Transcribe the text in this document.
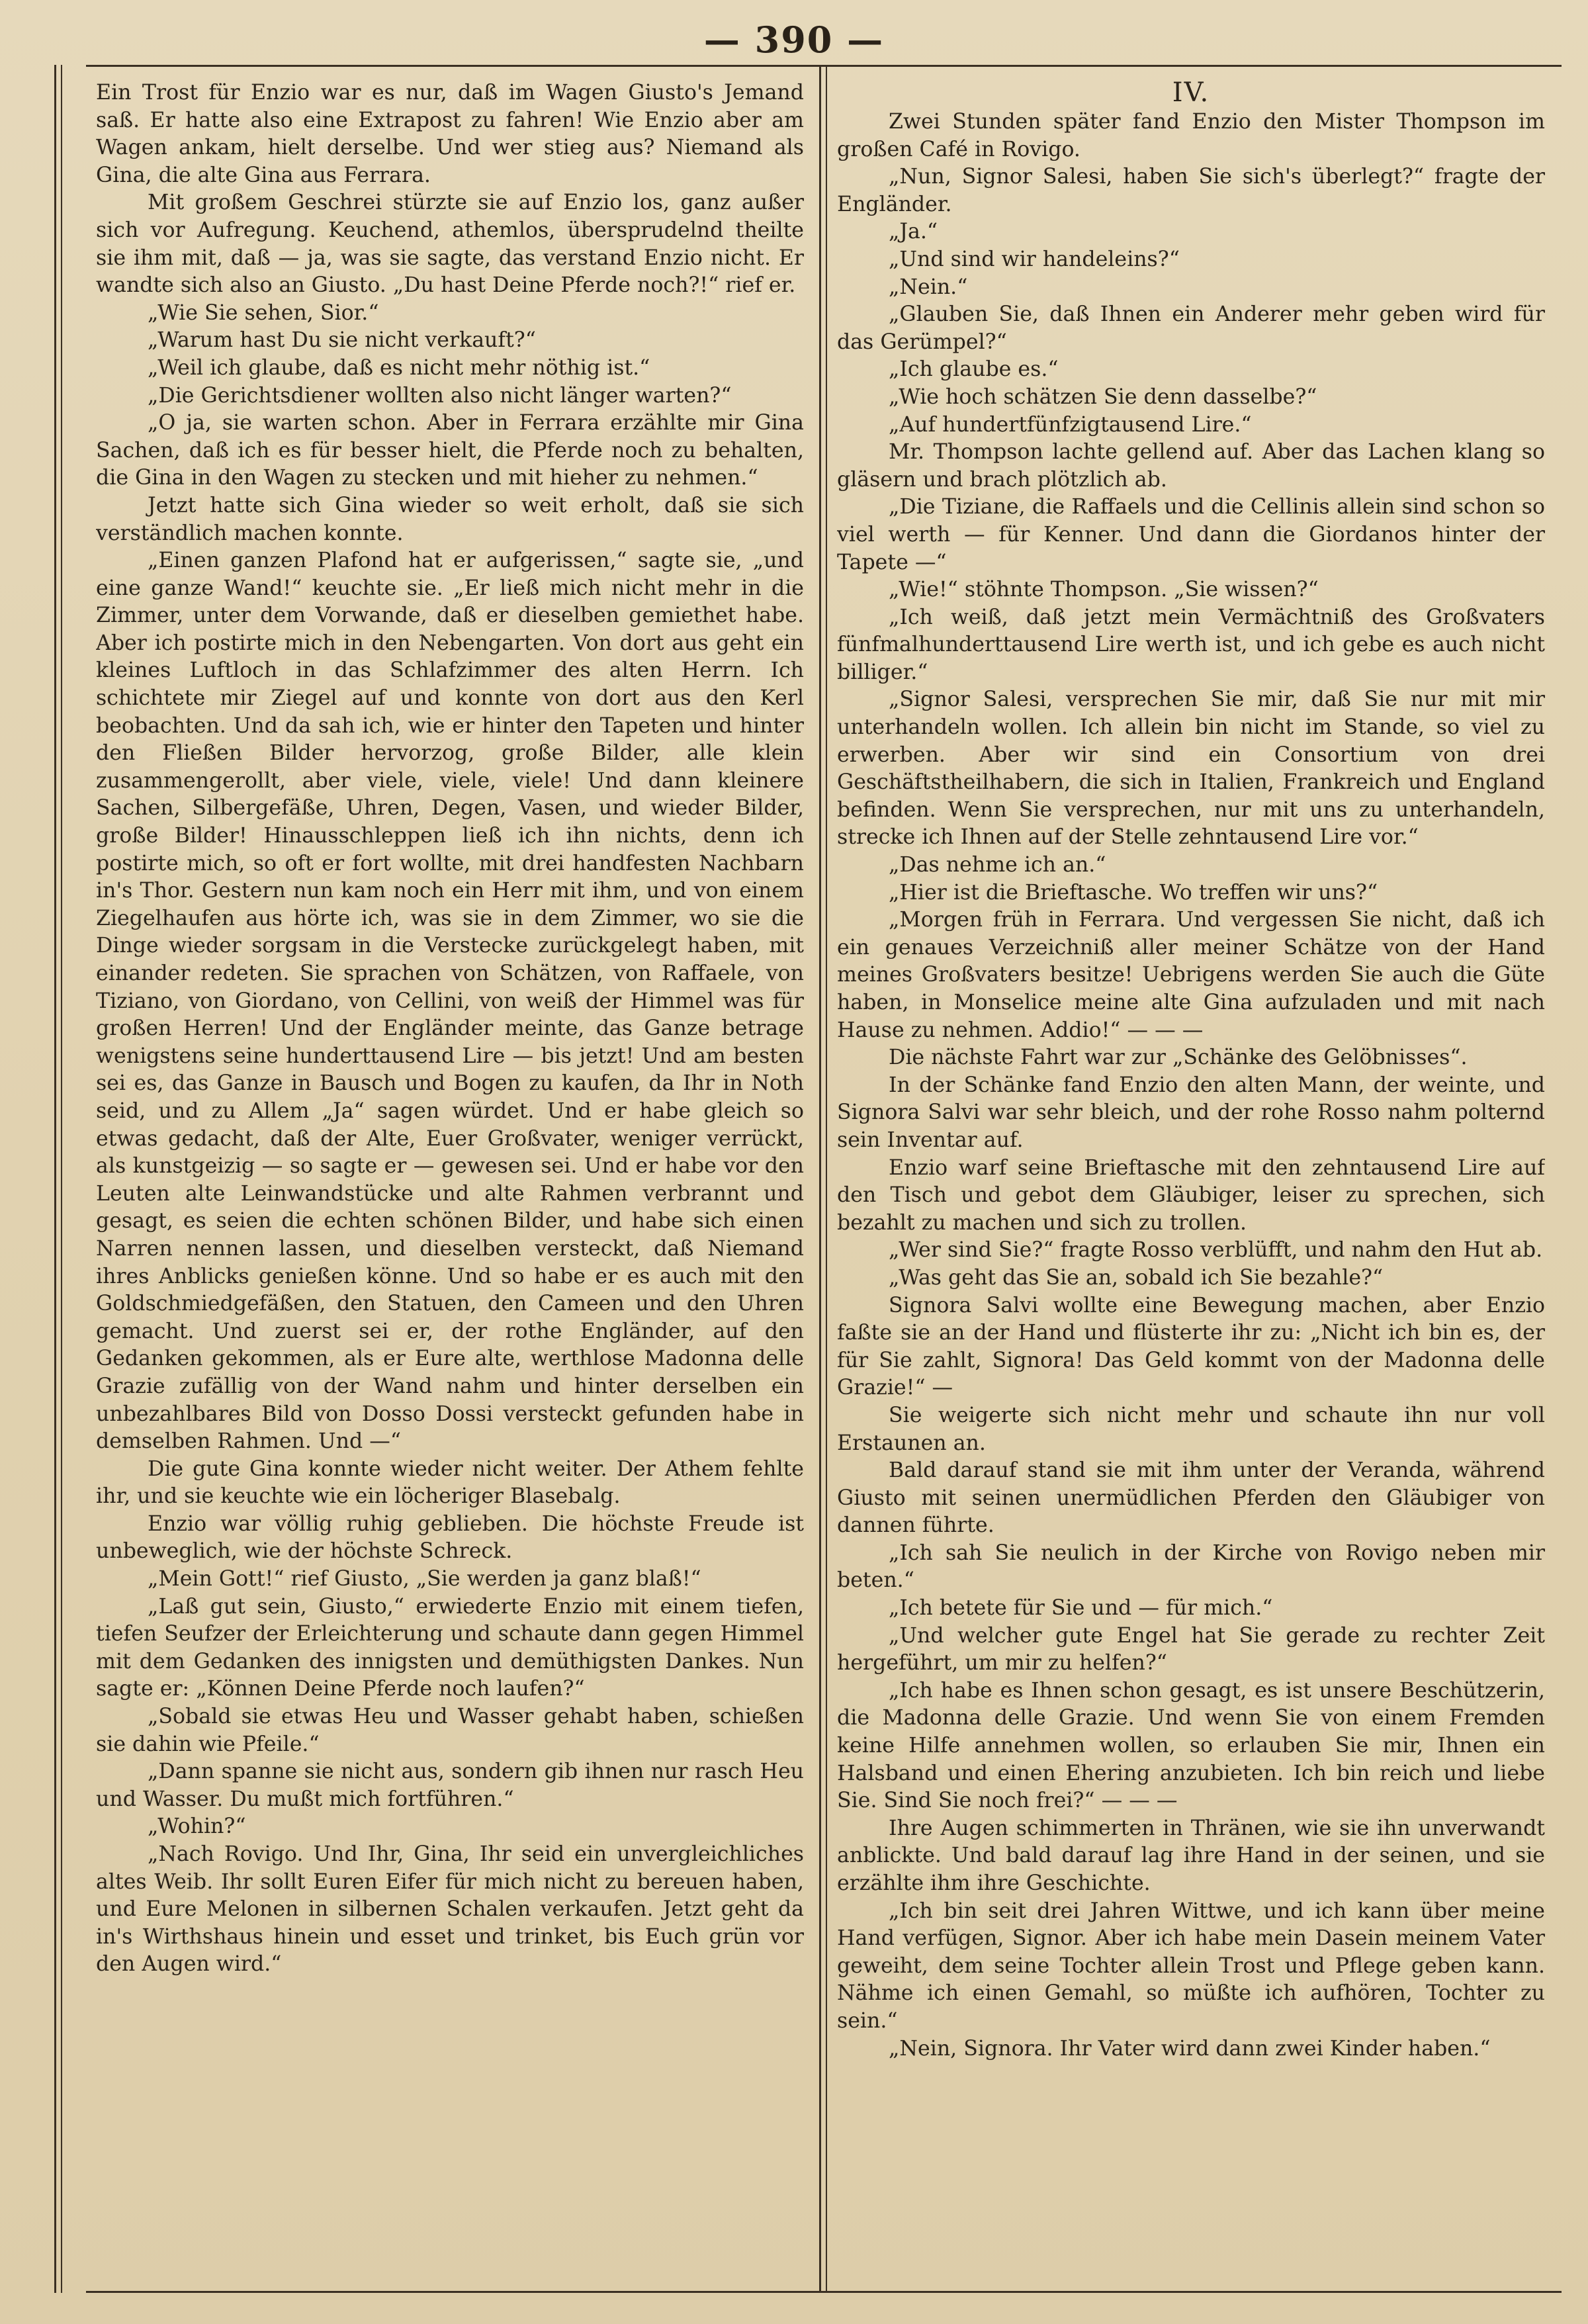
— 390 —

Ein Trost für Enzio war es nur, daß im Wagen Giusto's Jemand saß. Er hatte also eine Extrapost zu fahren! Wie Enzio aber am Wagen ankam, hielt derselbe. Und wer stieg aus? Niemand als Gina, die alte Gina aus Ferrara.

Mit großem Geschrei stürzte sie auf Enzio los, ganz außer sich vor Aufregung. Keuchend, athemlos, übersprudelnd theilte sie ihm mit, daß — ja, was sie sagte, das verstand Enzio nicht. Er wandte sich also an Giusto. „Du hast Deine Pferde noch?!“ rief er.

„Wie Sie sehen, Sior.“

„Warum hast Du sie nicht verkauft?“

„Weil ich glaube, daß es nicht mehr nöthig ist.“

„Die Gerichtsdiener wollten also nicht länger warten?“

„O ja, sie warten schon. Aber in Ferrara erzählte mir Gina Sachen, daß ich es für besser hielt, die Pferde noch zu behalten, die Gina in den Wagen zu stecken und mit hieher zu nehmen.“

Jetzt hatte sich Gina wieder so weit erholt, daß sie sich verständlich machen konnte.

„Einen ganzen Plafond hat er aufgerissen,“ sagte sie, „und eine ganze Wand!“ keuchte sie. „Er ließ mich nicht mehr in die Zimmer, unter dem Vorwande, daß er dieselben gemiethet habe. Aber ich postirte mich in den Nebengarten. Von dort aus geht ein kleines Luftloch in das Schlafzimmer des alten Herrn. Ich schichtete mir Ziegel auf und konnte von dort aus den Kerl beobachten. Und da sah ich, wie er hinter den Tapeten und hinter den Fließen Bilder hervorzog, große Bilder, alle klein zusammengerollt, aber viele, viele, viele! Und dann kleinere Sachen, Silbergefäße, Uhren, Degen, Vasen, und wieder Bilder, große Bilder! Hinausschleppen ließ ich ihn nichts, denn ich postirte mich, so oft er fort wollte, mit drei handfesten Nachbarn in's Thor. Gestern nun kam noch ein Herr mit ihm, und von einem Ziegelhaufen aus hörte ich, was sie in dem Zimmer, wo sie die Dinge wieder sorgsam in die Verstecke zurückgelegt haben, mit einander redeten. Sie sprachen von Schätzen, von Raffaele, von Tiziano, von Giordano, von Cellini, von weiß der Himmel was für großen Herren! Und der Engländer meinte, das Ganze betrage wenigstens seine hunderttausend Lire — bis jetzt! Und am besten sei es, das Ganze in Bausch und Bogen zu kaufen, da Ihr in Noth seid, und zu Allem „Ja“ sagen würdet. Und er habe gleich so etwas gedacht, daß der Alte, Euer Großvater, weniger verrückt, als kunstgeizig — so sagte er — gewesen sei. Und er habe vor den Leuten alte Leinwandstücke und alte Rahmen verbrannt und gesagt, es seien die echten schönen Bilder, und habe sich einen Narren nennen lassen, und dieselben versteckt, daß Niemand ihres Anblicks genießen könne. Und so habe er es auch mit den Goldschmiedgefäßen, den Statuen, den Cameen und den Uhren gemacht. Und zuerst sei er, der rothe Engländer, auf den Gedanken gekommen, als er Eure alte, werthlose Madonna delle Grazie zufällig von der Wand nahm und hinter derselben ein unbezahlbares Bild von Dosso Dossi versteckt gefunden habe in demselben Rahmen. Und —“

Die gute Gina konnte wieder nicht weiter. Der Athem fehlte ihr, und sie keuchte wie ein löcheriger Blasebalg.

Enzio war völlig ruhig geblieben. Die höchste Freude ist unbeweglich, wie der höchste Schreck.

„Mein Gott!“ rief Giusto, „Sie werden ja ganz blaß!“

„Laß gut sein, Giusto,“ erwiederte Enzio mit einem tiefen, tiefen Seufzer der Erleichterung und schaute dann gegen Himmel mit dem Gedanken des innigsten und demüthigsten Dankes. Nun sagte er: „Können Deine Pferde noch laufen?“

„Sobald sie etwas Heu und Wasser gehabt haben, schießen sie dahin wie Pfeile.“

„Dann spanne sie nicht aus, sondern gib ihnen nur rasch Heu und Wasser. Du mußt mich fortführen.“

„Wohin?“

„Nach Rovigo. Und Ihr, Gina, Ihr seid ein unvergleichliches altes Weib. Ihr sollt Euren Eifer für mich nicht zu bereuen haben, und Eure Melonen in silbernen Schalen verkaufen. Jetzt geht da in's Wirthshaus hinein und esset und trinket, bis Euch grün vor den Augen wird.“

IV.

Zwei Stunden später fand Enzio den Mister Thompson im großen Café in Rovigo.

„Nun, Signor Salesi, haben Sie sich's überlegt?“ fragte der Engländer.

„Ja.“

„Und sind wir handeleins?“

„Nein.“

„Glauben Sie, daß Ihnen ein Anderer mehr geben wird für das Gerümpel?“

„Ich glaube es.“

„Wie hoch schätzen Sie denn dasselbe?“

„Auf hundertfünfzigtausend Lire.“

Mr. Thompson lachte gellend auf. Aber das Lachen klang so gläsern und brach plötzlich ab.

„Die Tiziane, die Raffaels und die Cellinis allein sind schon so viel werth — für Kenner. Und dann die Giordanos hinter der Tapete —“

„Wie!“ stöhnte Thompson. „Sie wissen?“

„Ich weiß, daß jetzt mein Vermächtniß des Großvaters fünfmalhunderttausend Lire werth ist, und ich gebe es auch nicht billiger.“

„Signor Salesi, versprechen Sie mir, daß Sie nur mit mir unterhandeln wollen. Ich allein bin nicht im Stande, so viel zu erwerben. Aber wir sind ein Consortium von drei Geschäftstheilhabern, die sich in Italien, Frankreich und England befinden. Wenn Sie versprechen, nur mit uns zu unterhandeln, strecke ich Ihnen auf der Stelle zehntausend Lire vor.“

„Das nehme ich an.“

„Hier ist die Brieftasche. Wo treffen wir uns?“

„Morgen früh in Ferrara. Und vergessen Sie nicht, daß ich ein genaues Verzeichniß aller meiner Schätze von der Hand meines Großvaters besitze! Uebrigens werden Sie auch die Güte haben, in Monselice meine alte Gina aufzuladen und mit nach Hause zu nehmen. Addio!“ — — —

Die nächste Fahrt war zur „Schänke des Gelöbnisses“.

In der Schänke fand Enzio den alten Mann, der weinte, und Signora Salvi war sehr bleich, und der rohe Rosso nahm polternd sein Inventar auf.

Enzio warf seine Brieftasche mit den zehntausend Lire auf den Tisch und gebot dem Gläubiger, leiser zu sprechen, sich bezahlt zu machen und sich zu trollen.

„Wer sind Sie?“ fragte Rosso verblüfft, und nahm den Hut ab.

„Was geht das Sie an, sobald ich Sie bezahle?“

Signora Salvi wollte eine Bewegung machen, aber Enzio faßte sie an der Hand und flüsterte ihr zu: „Nicht ich bin es, der für Sie zahlt, Signora! Das Geld kommt von der Madonna delle Grazie!“ —

Sie weigerte sich nicht mehr und schaute ihn nur voll Erstaunen an.

Bald darauf stand sie mit ihm unter der Veranda, während Giusto mit seinen unermüdlichen Pferden den Gläubiger von dannen führte.

„Ich sah Sie neulich in der Kirche von Rovigo neben mir beten.“

„Ich betete für Sie und — für mich.“

„Und welcher gute Engel hat Sie gerade zu rechter Zeit hergeführt, um mir zu helfen?“

„Ich habe es Ihnen schon gesagt, es ist unsere Beschützerin, die Madonna delle Grazie. Und wenn Sie von einem Fremden keine Hilfe annehmen wollen, so erlauben Sie mir, Ihnen ein Halsband und einen Ehering anzubieten. Ich bin reich und liebe Sie. Sind Sie noch frei?“ — — —

Ihre Augen schimmerten in Thränen, wie sie ihn unverwandt anblickte. Und bald darauf lag ihre Hand in der seinen, und sie erzählte ihm ihre Geschichte.

„Ich bin seit drei Jahren Wittwe, und ich kann über meine Hand verfügen, Signor. Aber ich habe mein Dasein meinem Vater geweiht, dem seine Tochter allein Trost und Pflege geben kann. Nähme ich einen Gemahl, so müßte ich aufhören, Tochter zu sein.“

„Nein, Signora. Ihr Vater wird dann zwei Kinder haben.“
